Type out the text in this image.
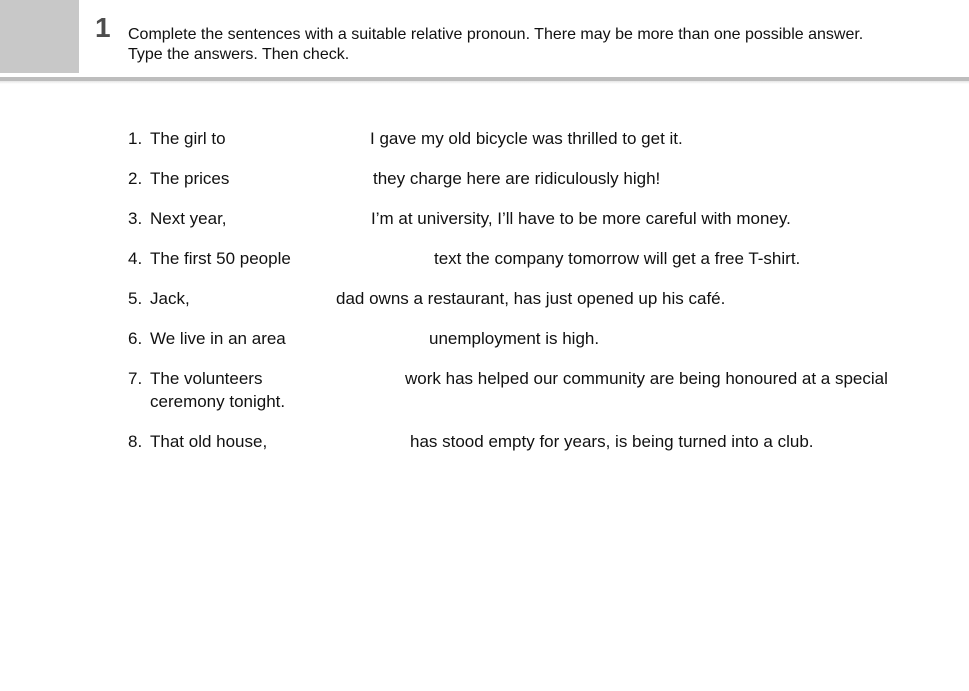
1 Complete the sentences with a suitable relative pronoun. There may be more than one possible answer.
Type the answers. Then check.
1. The girl to	I gave my old bicycle was thrilled to get it.
2. The prices	they charge here are ridiculously high!
3. Next year,	I’m at university, I’ll have to be more careful with money.
4. The first 50 people	text the company tomorrow will get a free T-shirt.
5. Jack,	dad owns a restaurant, has just opened up his café.
6. We live in an area	unemployment is high.
7. The volunteers	work has helped our community are being honoured at a special
ceremony tonight.
8. That old house,	has stood empty for years, is being turned into a club.
